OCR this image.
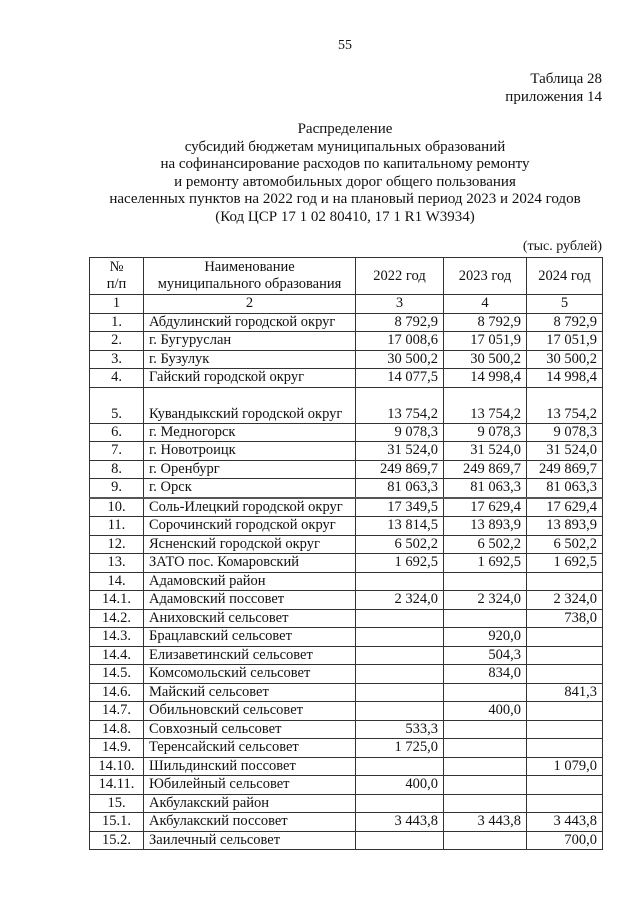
55
Таблица 28
приложения 14
Распределение
субсидий бюджетам муниципальных образований
на софинансирование расходов по капитальному ремонту
и ремонту автомобильных дорог общего пользования
населенных пунктов на 2022 год и на плановый период 2023 и 2024 годов
(Код ЦСР 17 1 02 80410, 17 1 R1 W3934)
(тыс. рублей)
№
п/п

Наименование
муниципального образования
	2022 год	2023 год	2024 год
1	2	3	4	5
1.	Абдулинский городской округ	8 792,9	8 792,9	8 792,9
2.	г. Бугуруслан	17 008,6	17 051,9	17 051,9
3.	г. Бузулук	30 500,2	30 500,2	30 500,2
4.	Гайский городской округ	14 077,5	14 998,4	14 998,4
5.	Кувандыкский городской округ	13 754,2	13 754,2	13 754,2
6.	г. Медногорск	9 078,3	9 078,3	9 078,3
7.	г. Новотроицк	31 524,0	31 524,0	31 524,0
8.	г. Оренбург	249 869,7	249 869,7	249 869,7
9.	г. Орск	81 063,3	81 063,3	81 063,3
10.	Соль-Илецкий городской округ	17 349,5	17 629,4	17 629,4
11.	Сорочинский городской округ	13 814,5	13 893,9	13 893,9
12.	Ясненский городской округ	6 502,2	6 502,2	6 502,2
13.	ЗАТО пос. Комаровский	1 692,5	1 692,5	1 692,5
14.	Адамовский район			
14.1.	Адамовский поссовет	2 324,0	2 324,0	2 324,0
14.2.	Аниховский сельсовет			738,0
14.3.	Брацлавский сельсовет		920,0	
14.4.	Елизаветинский сельсовет		504,3	
14.5.	Комсомольский сельсовет		834,0	
14.6.	Майский сельсовет			841,3
14.7.	Обильновский сельсовет		400,0	
14.8.	Совхозный сельсовет	533,3		
14.9.	Теренсайский сельсовет	1 725,0		
14.10.	Шильдинский поссовет			1 079,0
14.11.	Юбилейный сельсовет	400,0		
15.	Акбулакский район			
15.1.	Акбулакский поссовет	3 443,8	3 443,8	3 443,8
15.2.	Заилечный сельсовет			700,0
